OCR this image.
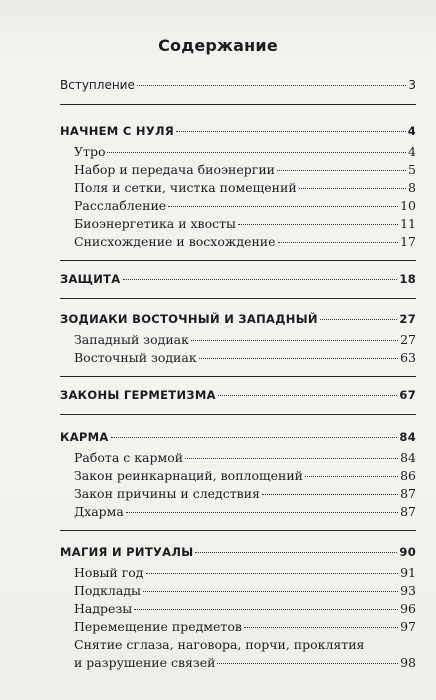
Содержание
Вступление	3
НАЧНЕМ С НУЛЯ	4
Утро	4
Набор и передача биоэнергии	5
Поля и сетки, чистка помещений	8
Расслабление	10
Биоэнергетика и хвосты	11
Снисхождение и восхождение	17
ЗАЩИТА	18
ЗОДИАКИ ВОСТОЧНЫЙ И ЗАПАДНЫЙ	27
Западный зодиак	27
Восточный зодиак	63
ЗАКОНЫ ГЕРМЕТИЗМА	67
КАРМА	84
Работа с кармой	84
Закон реинкарнаций, воплощений	86
Закон причины и следствия	87
Дхарма	87
МАГИЯ И РИТУАЛЫ	90
Новый год	91
Подклады	93
Надрезы	96
Перемещение предметов	97
Снятие сглаза, наговора, порчи, проклятия
и разрушение связей	98
